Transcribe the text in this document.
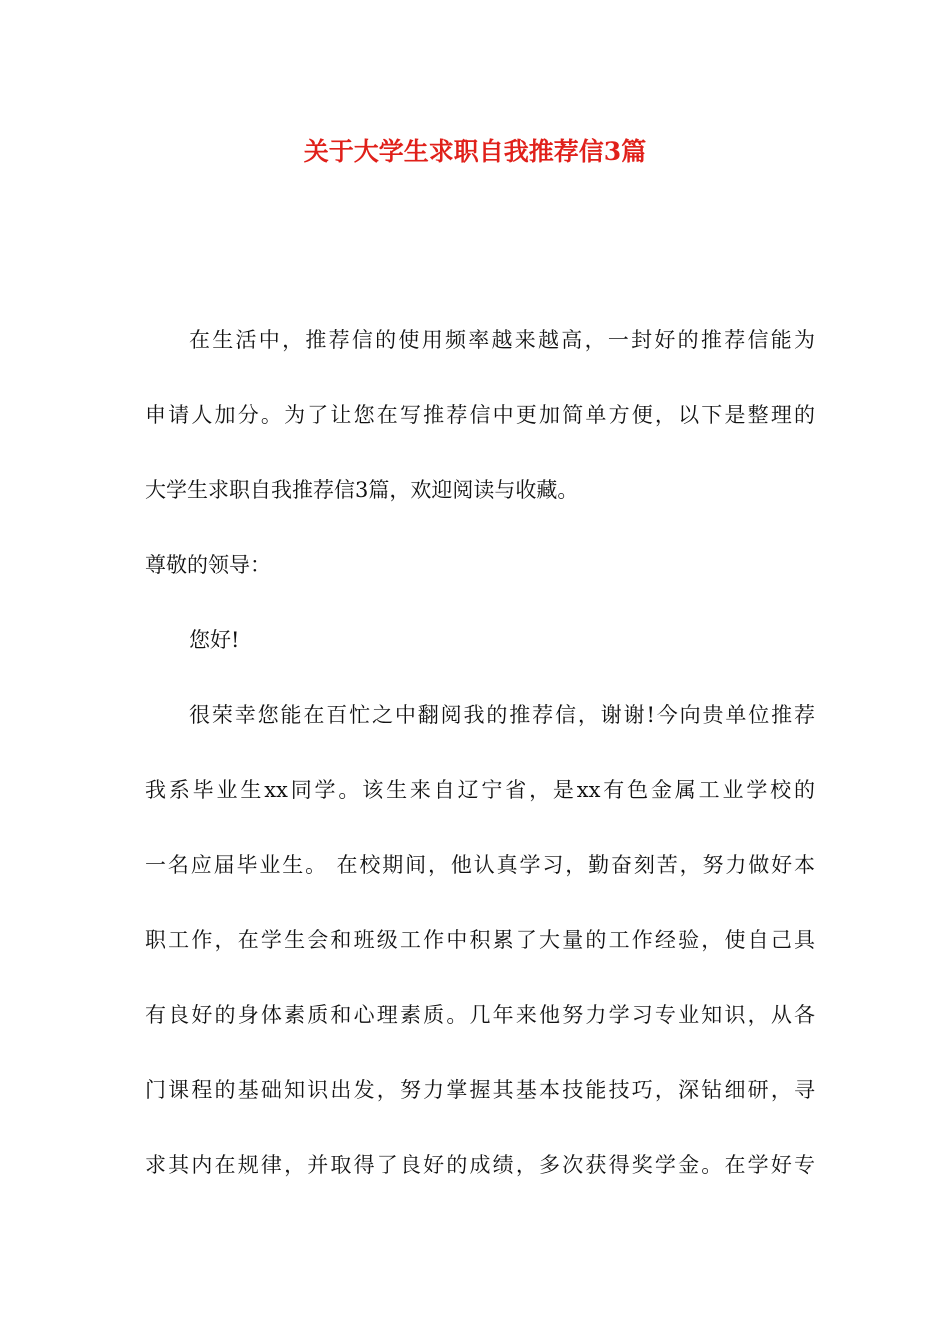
关于大学生求职自我推荐信3篇

在生活中，推荐信的使用频率越来越高，一封好的推荐信能为

申请人加分。为了让您在写推荐信中更加简单方便，以下是整理的

大学生求职自我推荐信3篇，欢迎阅读与收藏。

尊敬的领导：

您好!

很荣幸您能在百忙之中翻阅我的推荐信，谢谢!今向贵单位推荐

我系毕业生xx同学。该生来自辽宁省，是xx有色金属工业学校的

一名应届毕业生。 在校期间，他认真学习，勤奋刻苦，努力做好本

职工作，在学生会和班级工作中积累了大量的工作经验，使自己具

有良好的身体素质和心理素质。几年来他努力学习专业知识，从各

门课程的基础知识出发，努力掌握其基本技能技巧，深钻细研，寻

求其内在规律，并取得了良好的成绩，多次获得奖学金。在学好专
